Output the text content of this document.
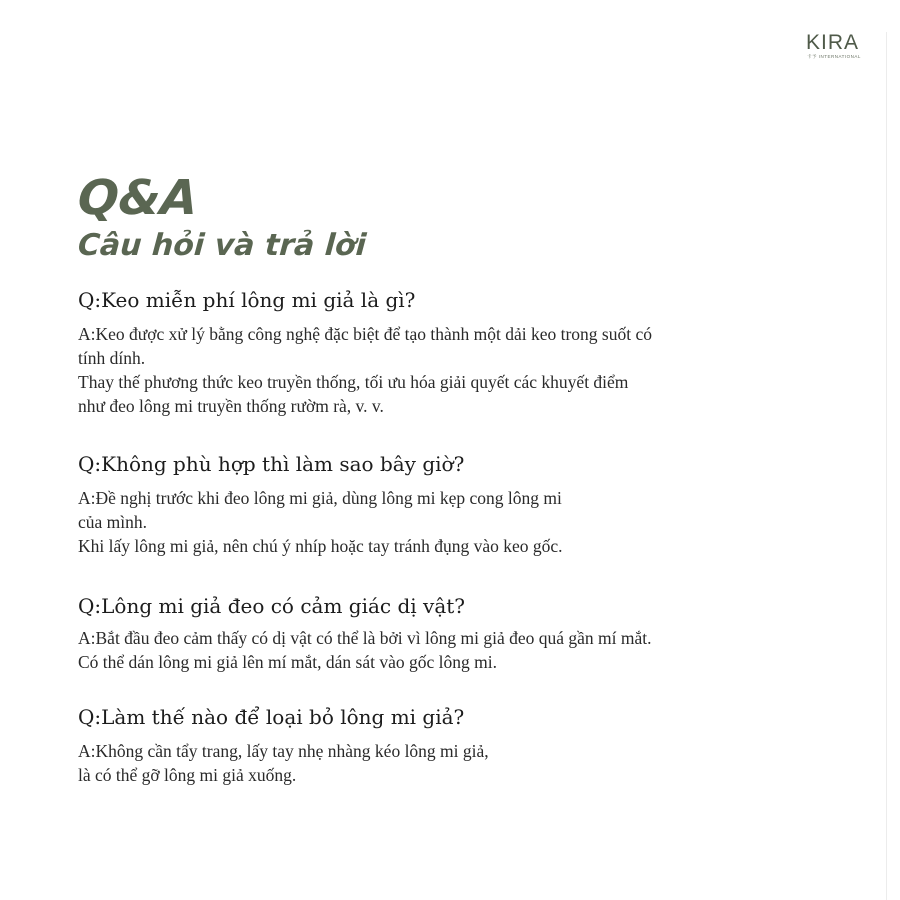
KIRA
卡予 INTERNATIONAL
Q&A
Câu hỏi và trả lời
Q:Keo miễn phí lông mi giả là gì?

A:Keo được xử lý bằng công nghệ đặc biệt để tạo thành một dải keo trong suốt có
tính dính.
Thay thế phương thức keo truyền thống, tối ưu hóa giải quyết các khuyết điểm
như đeo lông mi truyền thống rườm rà, v. v.

Q:Không phù hợp thì làm sao bây giờ?

A:Đề nghị trước khi đeo lông mi giả, dùng lông mi kẹp cong lông mi
của mình.
Khi lấy lông mi giả, nên chú ý nhíp hoặc tay tránh đụng vào keo gốc.

Q:Lông mi giả đeo có cảm giác dị vật?

A:Bắt đầu đeo cảm thấy có dị vật có thể là bởi vì lông mi giả đeo quá gần mí mắt.
Có thể dán lông mi giả lên mí mắt, dán sát vào gốc lông mi.

Q:Làm thế nào để loại bỏ lông mi giả?

A:Không cần tẩy trang, lấy tay nhẹ nhàng kéo lông mi giả,
là có thể gỡ lông mi giả xuống.
